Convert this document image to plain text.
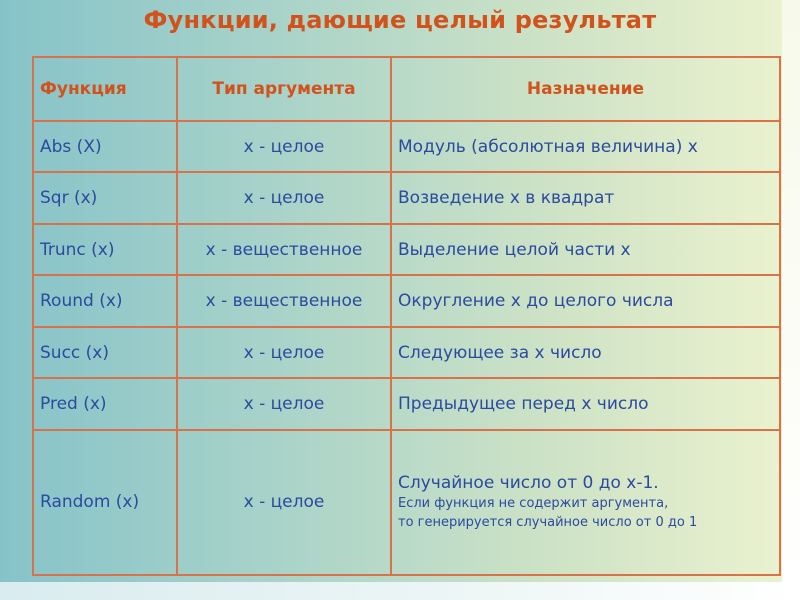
Функции, дающие целый результат
Функция	Тип аргумента	Назначение
Abs (X)	х - целое	Модуль (абсолютная величина) х
Sqr (x)	х - целое	Возведение х в квадрат
Trunc (x)	х - вещественное	Выделение целой части х
Round (x)	х - вещественное	Округление х до целого числа
Succ (x)	х - целое	Следующее за х число
Pred (x)	х - целое	Предыдущее перед х число
Random (x)	х - целое	Случайное число от 0 до х-1.
Если функция не содержит аргумента,
то генерируется случайное число от 0 до 1
